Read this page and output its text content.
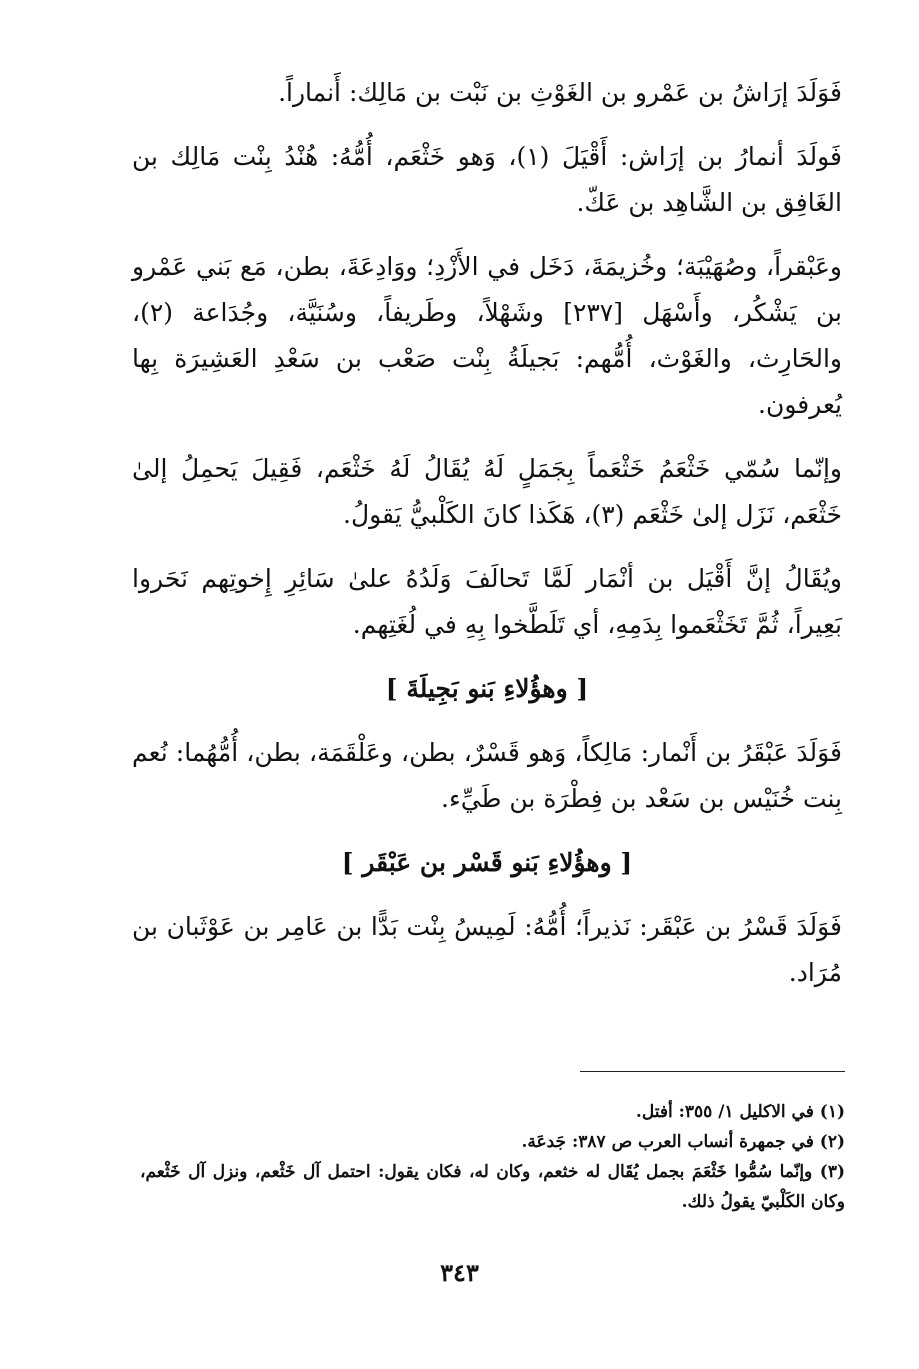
فَوَلَدَ إرَاشُ بن عَمْرو بن الغَوْثِ بن نَبْت بن مَالِك: أَنماراً.

فَولَدَ أنمارُ بن إرَاش: أَقْيَلَ (١)، وَهو خَثْعَم، أُمُّهُ: هُنْدُ بِنْت مَالِك بن الغَافِق بن الشَّاهِد بن عَكّ.

وعَبْقراً، وصُهَيْبَة؛ وخُزيمَةَ، دَخَل في الأَزْدِ؛ ووَادِعَةَ، بطن، مَع بَني عَمْرو بن يَشْكُر، وأَسْهَل [٢٣٧] وشَهْلاً، وطَريفاً، وسُنَيَّة، وجُدَاعة (٢)، والحَارِث، والغَوْث، أُمُّهم: بَجيلَةُ بِنْت صَعْب بن سَعْدِ العَشِيرَة بِها يُعرفون.

وإنّما سُمّي خَثْعَمُ خَثْعَماً بِجَمَلٍ لَهُ يُقَالُ لَهُ خَثْعَم، فَقِيلَ يَحمِلُ إلىٰ خَثْعَم، نَزَل إلىٰ خَثْعَم (٣)، هَكَذا كانَ الكَلْبيُّ يَقولُ.

ويُقَالُ إنَّ أَقْيَل بن أنْمَار لَمَّا تَحالَفَ وَلَدُهُ علىٰ سَائِرِ إِخوتِهم نَحَروا بَعِيراً، ثُمَّ تَخَثْعَموا بِدَمِهِ، أي تَلَطَّخوا بِهِ في لُغَتِهم.

[ وهؤُلاءِ بَنو بَجِيلَةَ ]

فَوَلَدَ عَبْقَرُ بن أَنْمار: مَالِكاً، وَهو قَسْرٌ، بطن، وعَلْقَمَة، بطن، أُمُّهُما: نُعم بِنت خُنَيْس بن سَعْد بن فِطْرَة بن طَيِّء.

[ وهؤُلاءِ بَنو قَسْر بن عَبْقَر ]

فَوَلَدَ قَسْرُ بن عَبْقَر: نَذيراً؛ أُمُّهُ: لَمِيسُ بِنْت بَدًّا بن عَامِر بن عَوْثَبان بن مُرَاد.

(١) في الاكليل ١/ ٣٥٥: أفتل.

(٢) في جمهرة أنساب العرب ص ٣٨٧: جَدعَة.

(٣) وإنّما سُمُّوا خَثْعَمَ بجمل يُقَال له خثعم، وكان له، فكان يقول: احتمل آل خَثْعم، ونزل آل خَثْعم، وكان الكَلْبيّ يقولُ ذلك.

٣٤٣
